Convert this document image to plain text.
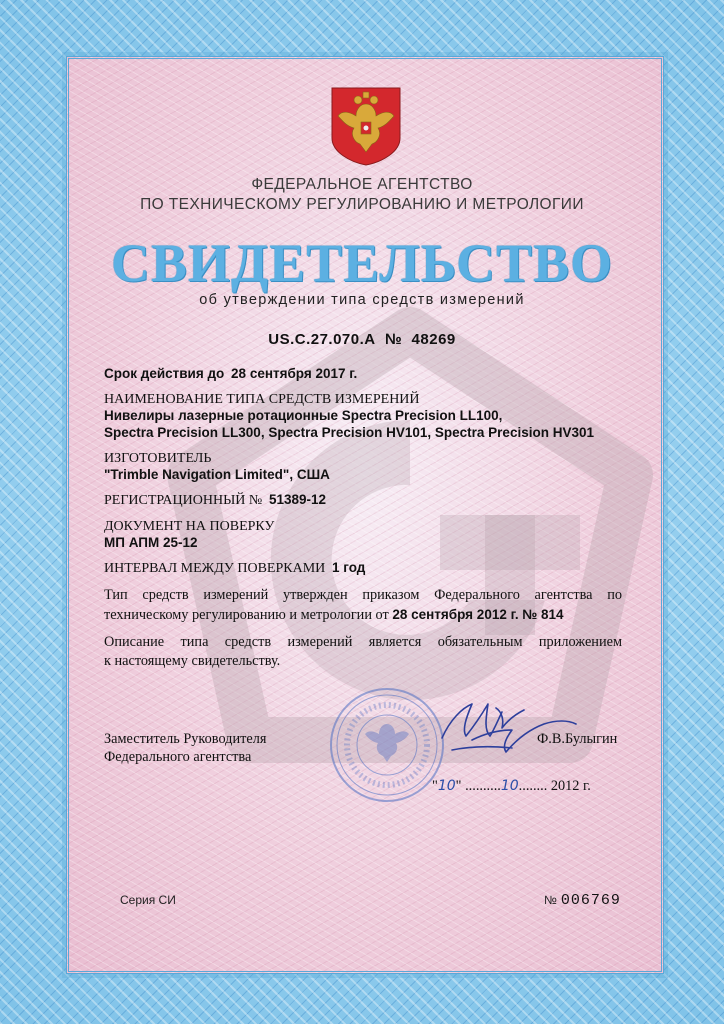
ФЕДЕРАЛЬНОЕ АГЕНТСТВО
ПО ТЕХНИЧЕСКОМУ РЕГУЛИРОВАНИЮ И МЕТРОЛОГИИ
СВИДЕТЕЛЬСТВО
об утверждении типа средств измерений
US.C.27.070.A № 48269
Срок действия до 28 сентября 2017 г.
НАИМЕНОВАНИЕ ТИПА СРЕДСТВ ИЗМЕРЕНИЙ
Нивелиры лазерные ротационные Spectra Precision LL100,
Spectra Precision LL300, Spectra Precision HV101, Spectra Precision HV301
ИЗГОТОВИТЕЛЬ
"Trimble Navigation Limited", США
РЕГИСТРАЦИОННЫЙ № 51389-12
ДОКУМЕНТ НА ПОВЕРКУ
МП АПМ 25-12
ИНТЕРВАЛ МЕЖДУ ПОВЕРКАМИ 1 год
Тип средств измерений утвержден приказом Федерального агентства по
техническому регулированию и метрологии от 28 сентября 2012 г. № 814
Описание типа средств измерений является обязательным приложением
к настоящему свидетельству.
Заместитель Руководителя
Федерального агентства
Ф.В.Булыгин
"10" ..........10........ 2012 г.
Серия СИ	№ 006769
